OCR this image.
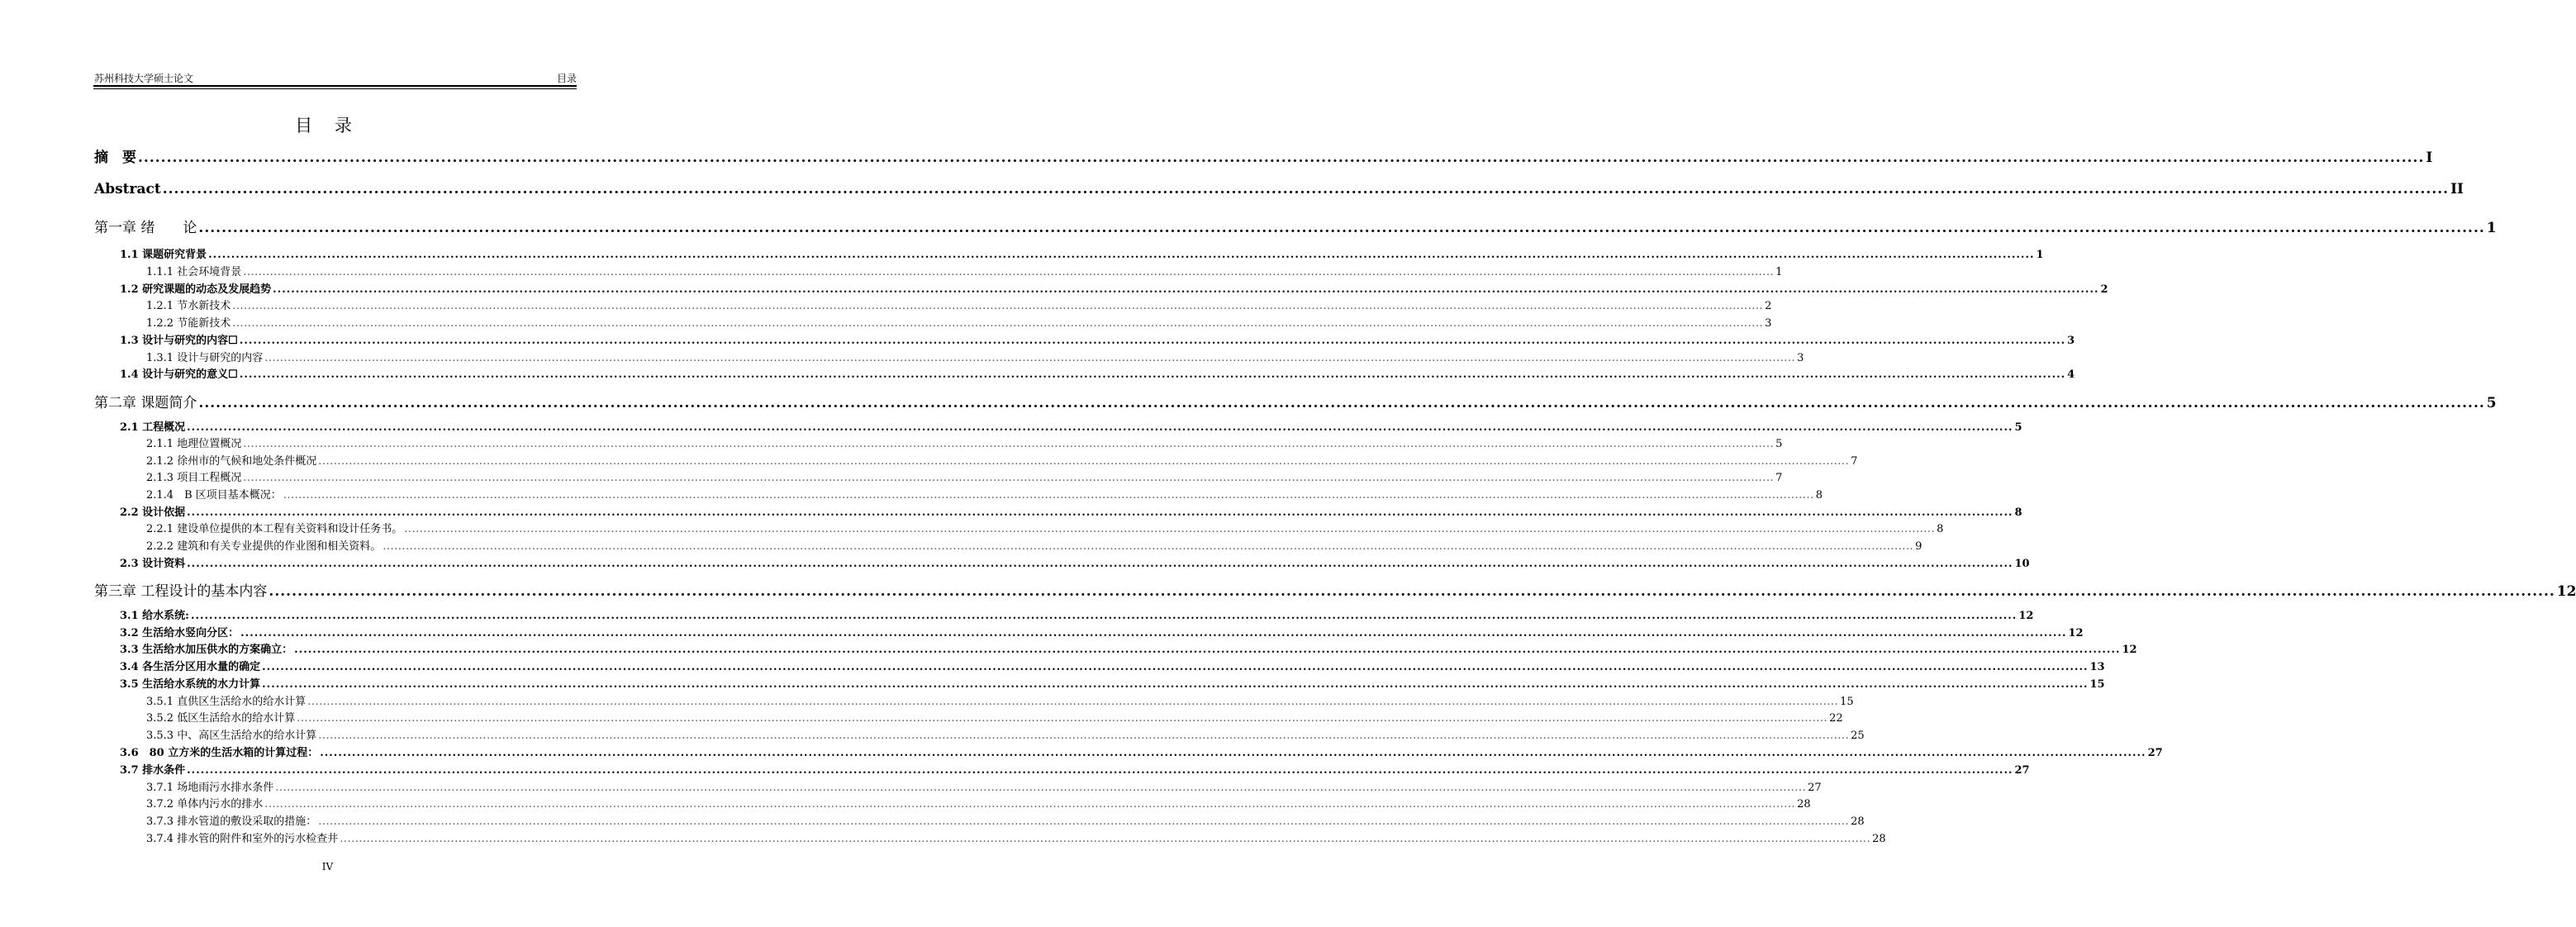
苏州科技大学硕士论文	目录
目 录
摘　要 ................................................................................................................................................................................................................................................................................................................................................................................................................ I
Abstract ................................................................................................................................................................................................................................................................................................................................................................................................................ II
第一章 绪　　论 ................................................................................................................................................................................................................................................................................................................................................................................................................ 1
1.1 课题研究背景 ................................................................................................................................................................................................................................................................................................................................................................................................................ 1
1.1.1 社会环境背景 ................................................................................................................................................................................................................................................................................................................................................................................................................ 1
1.2 研究课题的动态及发展趋势 ................................................................................................................................................................................................................................................................................................................................................................................................................ 2
1.2.1 节水新技术 ................................................................................................................................................................................................................................................................................................................................................................................................................ 2
1.2.2 节能新技术 ................................................................................................................................................................................................................................................................................................................................................................................................................ 3
1.3 设计与研究的内容☐ ................................................................................................................................................................................................................................................................................................................................................................................................................ 3
1.3.1 设计与研究的内容 ................................................................................................................................................................................................................................................................................................................................................................................................................ 3
1.4 设计与研究的意义☐ ................................................................................................................................................................................................................................................................................................................................................................................................................ 4
第二章 课题简介 ................................................................................................................................................................................................................................................................................................................................................................................................................ 5
2.1 工程概况 ................................................................................................................................................................................................................................................................................................................................................................................................................ 5
2.1.1 地理位置概况 ................................................................................................................................................................................................................................................................................................................................................................................................................ 5
2.1.2 徐州市的气候和地处条件概况 ................................................................................................................................................................................................................................................................................................................................................................................................................ 7
2.1.3 项目工程概况 ................................................................................................................................................................................................................................................................................................................................................................................................................ 7
2.1.4　B 区项目基本概况： ................................................................................................................................................................................................................................................................................................................................................................................................................ 8
2.2 设计依据 ................................................................................................................................................................................................................................................................................................................................................................................................................ 8
2.2.1 建设单位提供的本工程有关资料和设计任务书。 ................................................................................................................................................................................................................................................................................................................................................................................................................ 8
2.2.2 建筑和有关专业提供的作业图和相关资料。 ................................................................................................................................................................................................................................................................................................................................................................................................................ 9
2.3 设计资料 ................................................................................................................................................................................................................................................................................................................................................................................................................ 10
第三章 工程设计的基本内容 ................................................................................................................................................................................................................................................................................................................................................................................................................ 12
3.1 给水系统: ................................................................................................................................................................................................................................................................................................................................................................................................................ 12
3.2 生活给水竖向分区： ................................................................................................................................................................................................................................................................................................................................................................................................................ 12
3.3 生活给水加压供水的方案确立： ................................................................................................................................................................................................................................................................................................................................................................................................................ 12
3.4 各生活分区用水量的确定 ................................................................................................................................................................................................................................................................................................................................................................................................................ 13
3.5 生活给水系统的水力计算 ................................................................................................................................................................................................................................................................................................................................................................................................................ 15
3.5.1 直供区生活给水的给水计算 ................................................................................................................................................................................................................................................................................................................................................................................................................ 15
3.5.2 低区生活给水的给水计算 ................................................................................................................................................................................................................................................................................................................................................................................................................ 22
3.5.3 中、高区生活给水的给水计算 ................................................................................................................................................................................................................................................................................................................................................................................................................ 25
3.6　80 立方米的生活水箱的计算过程： ................................................................................................................................................................................................................................................................................................................................................................................................................ 27
3.7 排水条件 ................................................................................................................................................................................................................................................................................................................................................................................................................ 27
3.7.1 场地雨污水排水条件 ................................................................................................................................................................................................................................................................................................................................................................................................................ 27
3.7.2 单体内污水的排水 ................................................................................................................................................................................................................................................................................................................................................................................................................ 28
3.7.3 排水管道的敷设采取的措施： ................................................................................................................................................................................................................................................................................................................................................................................................................ 28
3.7.4 排水管的附件和室外的污水检查井 ................................................................................................................................................................................................................................................................................................................................................................................................................ 28
IV
